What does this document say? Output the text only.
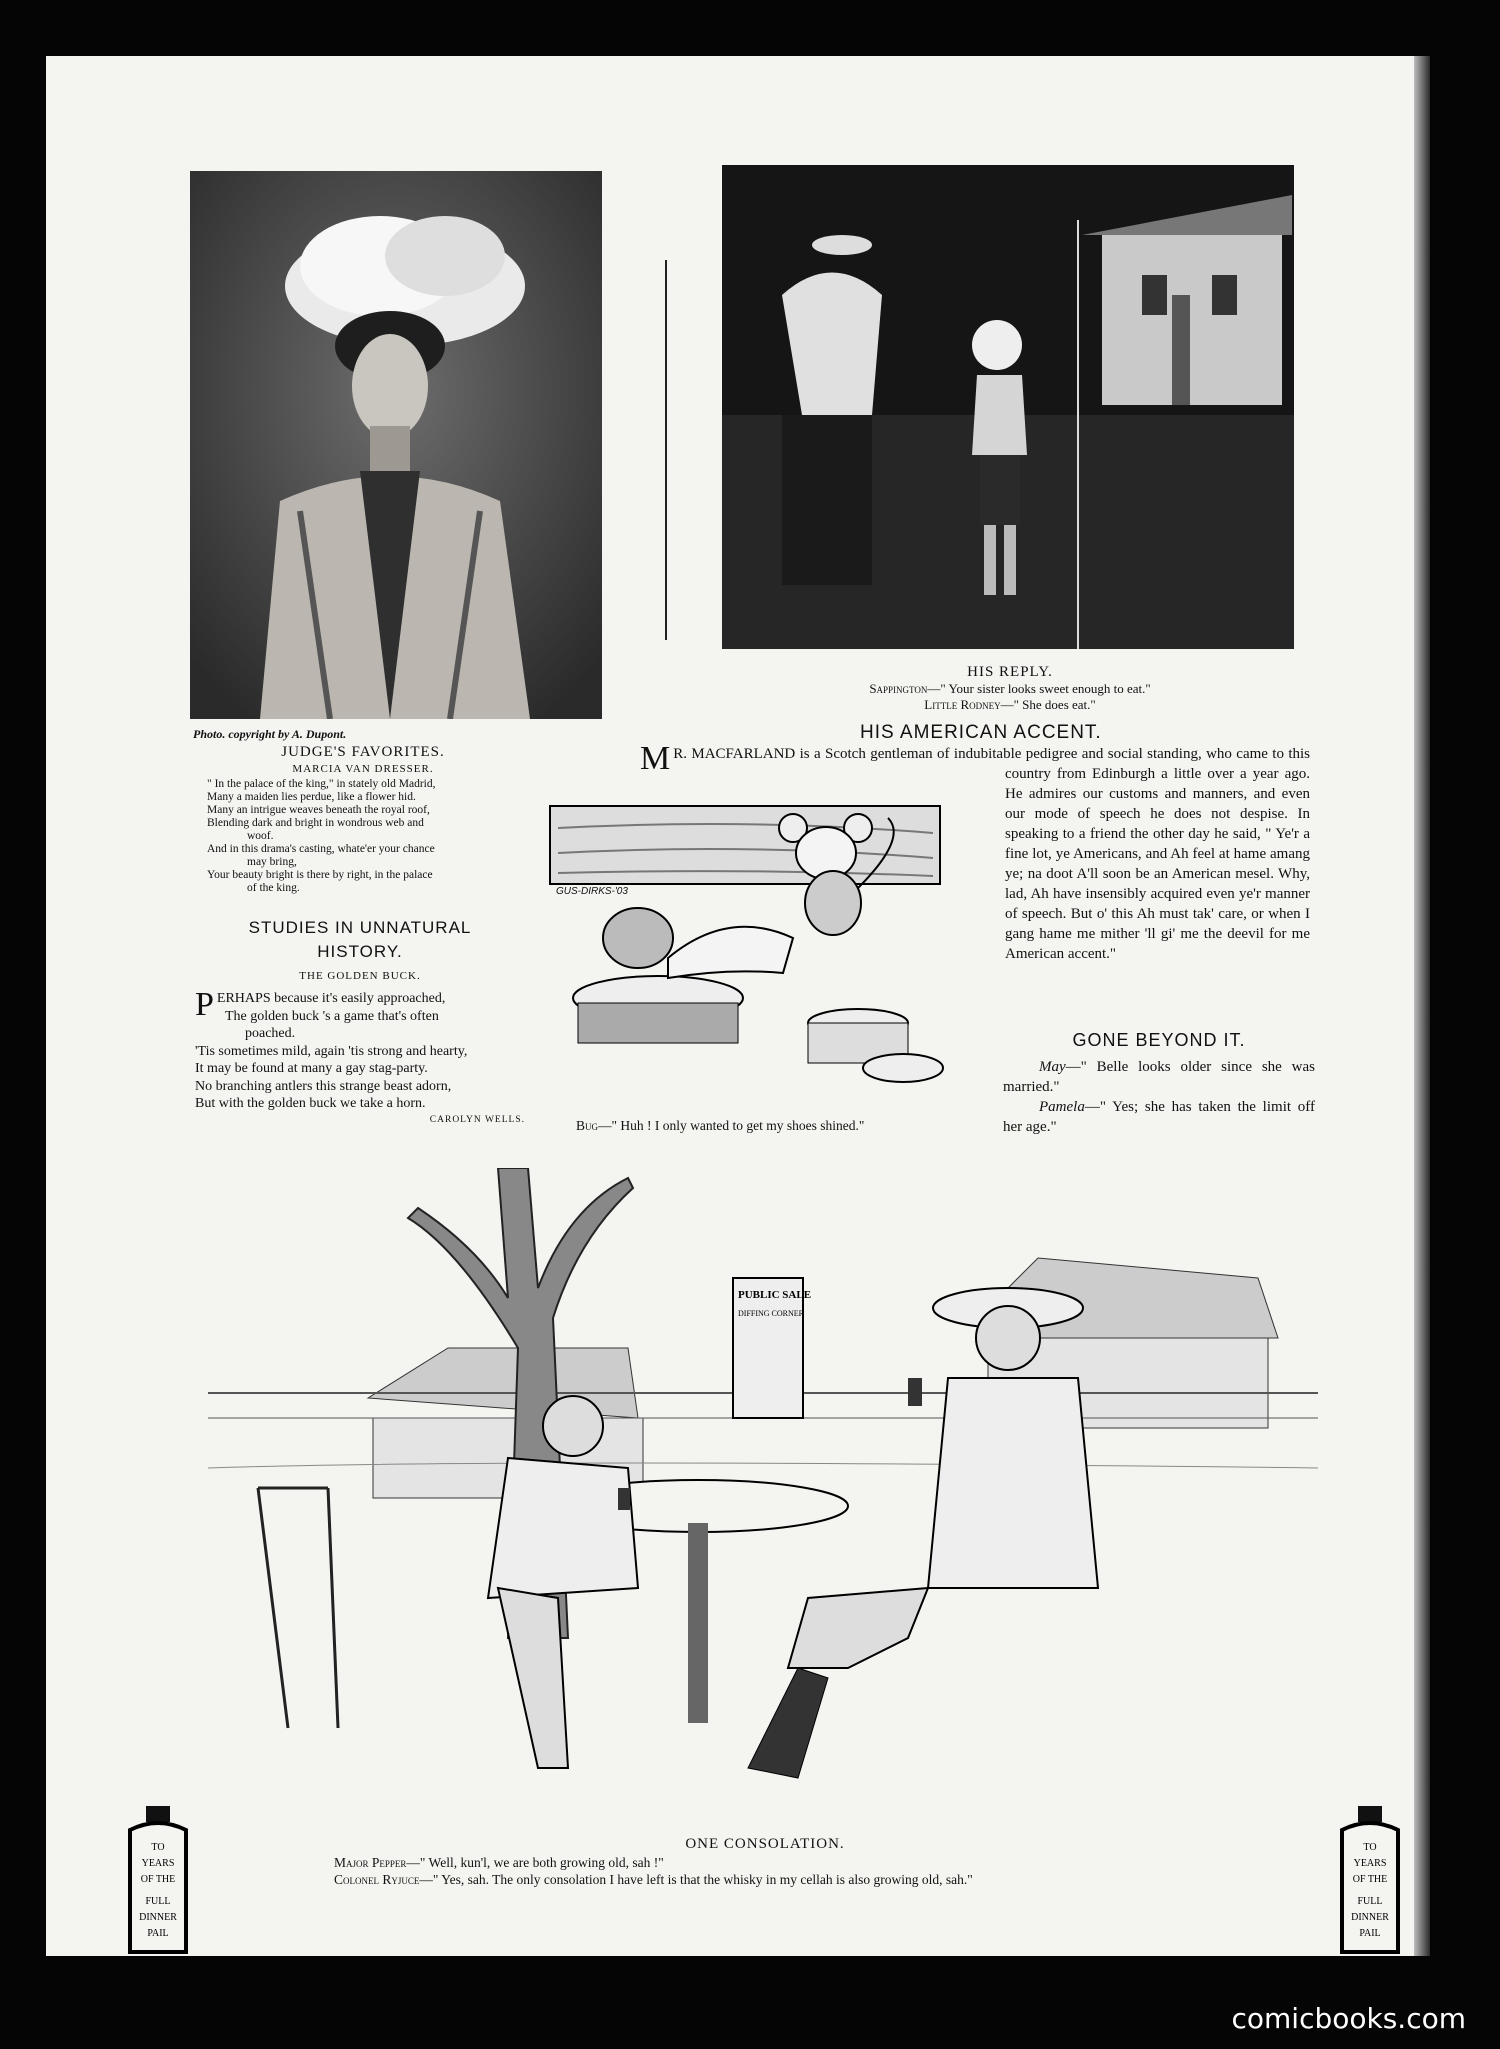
HIS REPLY.
Sappington—" Your sister looks sweet enough to eat."
Little Rodney—" She does eat."
Photo. copyright by A. Dupont.
JUDGE'S FAVORITES.
MARCIA VAN DRESSER.
" In the palace of the king," in stately old Madrid,
Many a maiden lies perdue, like a flower hid.
Many an intrigue weaves beneath the royal roof,
Blending dark and bright in wondrous web and
woof.
And in this drama's casting, whate'er your chance
may bring,
Your beauty bright is there by right, in the palace
of the king.
STUDIES IN UNNATURAL HISTORY.
THE GOLDEN BUCK.
P ERHAPS because it's easily approached,
The golden buck 's a game that's often
poached.
'Tis sometimes mild, again 'tis strong and hearty,
It may be found at many a gay stag-party.
No branching antlers this strange beast adorn,
But with the golden buck we take a horn.
CAROLYN WELLS.
HIS AMERICAN ACCENT.
M R. MACFARLAND is a Scotch gentleman of indubitable pedigree and social standing, who came to this country from Edinburgh a little over a year ago. He admires our customs and manners, and even our mode of speech he does not despise. In speaking to a friend the other day he said, " Ye'r a fine lot, ye Americans, and Ah feel at hame amang ye; na doot A'll soon be an American mesel. Why, lad, Ah have insensibly acquired even ye'r manner of speech. But o' this Ah must tak' care, or when I gang hame me mither 'll gi' me the deevil for me American accent."
GUS-DIRKS-'03
Bug—" Huh ! I only wanted to get my shoes shined."
GONE BEYOND IT.
May—" Belle looks older since she was married."
Pamela—" Yes; she has taken the limit off her age."
PUBLIC SALE
DIFFING CORNER
ONE CONSOLATION.
Major Pepper—" Well, kun'l, we are both growing old, sah !"
Colonel Ryjuce—" Yes, sah. The only consolation I have left is that the whisky in my cellah is also growing old, sah."
TO
YEARS
OF THE
FULL
DINNER
PAIL
TO
YEARS
OF THE
FULL
DINNER
PAIL
comicbooks.com
